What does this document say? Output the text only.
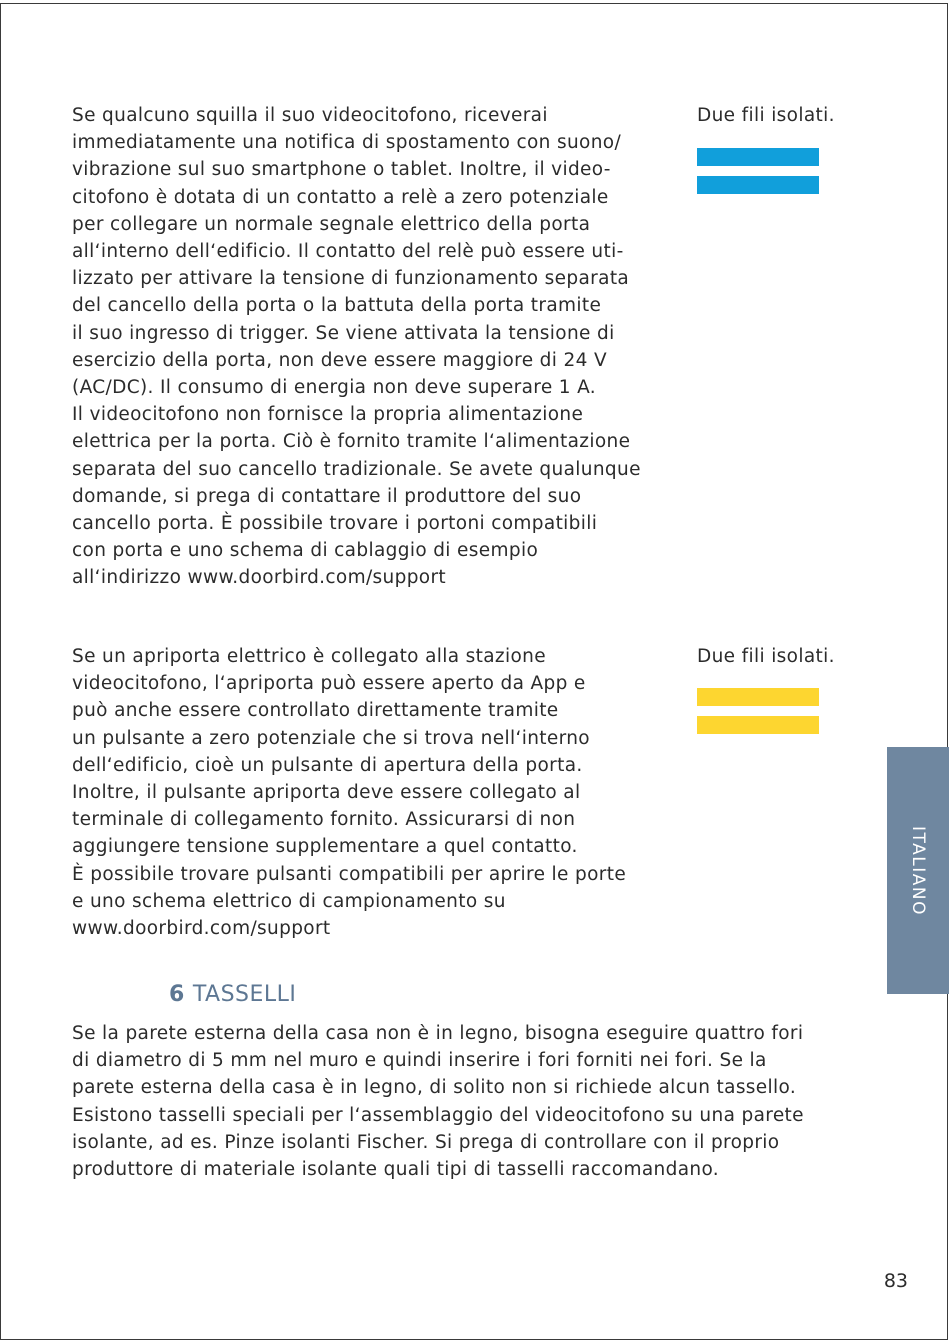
Se qualcuno squilla il suo videocitofono, riceverai
immediatamente una notifica di spostamento con suono/
vibrazione sul suo smartphone o tablet. Inoltre, il video-
citofono è dotata di un contatto a relè a zero potenziale
per collegare un normale segnale elettrico della porta
all‘interno dell‘edificio. Il contatto del relè può essere uti-
lizzato per attivare la tensione di funzionamento separata
del cancello della porta o la battuta della porta tramite
il suo ingresso di trigger. Se viene attivata la tensione di
esercizio della porta, non deve essere maggiore di 24 V
(AC/DC). Il consumo di energia non deve superare 1 A.
Il videocitofono non fornisce la propria alimentazione
elettrica per la porta. Ciò è fornito tramite l‘alimentazione
separata del suo cancello tradizionale. Se avete qualunque
domande, si prega di contattare il produttore del suo
cancello porta. È possibile trovare i portoni compatibili
con porta e uno schema di cablaggio di esempio
all‘indirizzo www.doorbird.com/support

Due fili isolati.

Se un apriporta elettrico è collegato alla stazione
videocitofono, l‘apriporta può essere aperto da App e
può anche essere controllato direttamente tramite
un pulsante a zero potenziale che si trova nell‘interno
dell‘edificio, cioè un pulsante di apertura della porta.
Inoltre, il pulsante apriporta deve essere collegato al
terminale di collegamento fornito. Assicurarsi di non
aggiungere tensione supplementare a quel contatto.
È possibile trovare pulsanti compatibili per aprire le porte
e uno schema elettrico di campionamento su
www.doorbird.com/support

Due fili isolati.
ITALIANO
6 TASSELLI

Se la parete esterna della casa non è in legno, bisogna eseguire quattro fori
di diametro di 5 mm nel muro e quindi inserire i fori forniti nei fori. Se la
parete esterna della casa è in legno, di solito non si richiede alcun tassello.
Esistono tasselli speciali per l‘assemblaggio del videocitofono su una parete
isolante, ad es. Pinze isolanti Fischer. Si prega di controllare con il proprio
produttore di materiale isolante quali tipi di tasselli raccomandano.

83
